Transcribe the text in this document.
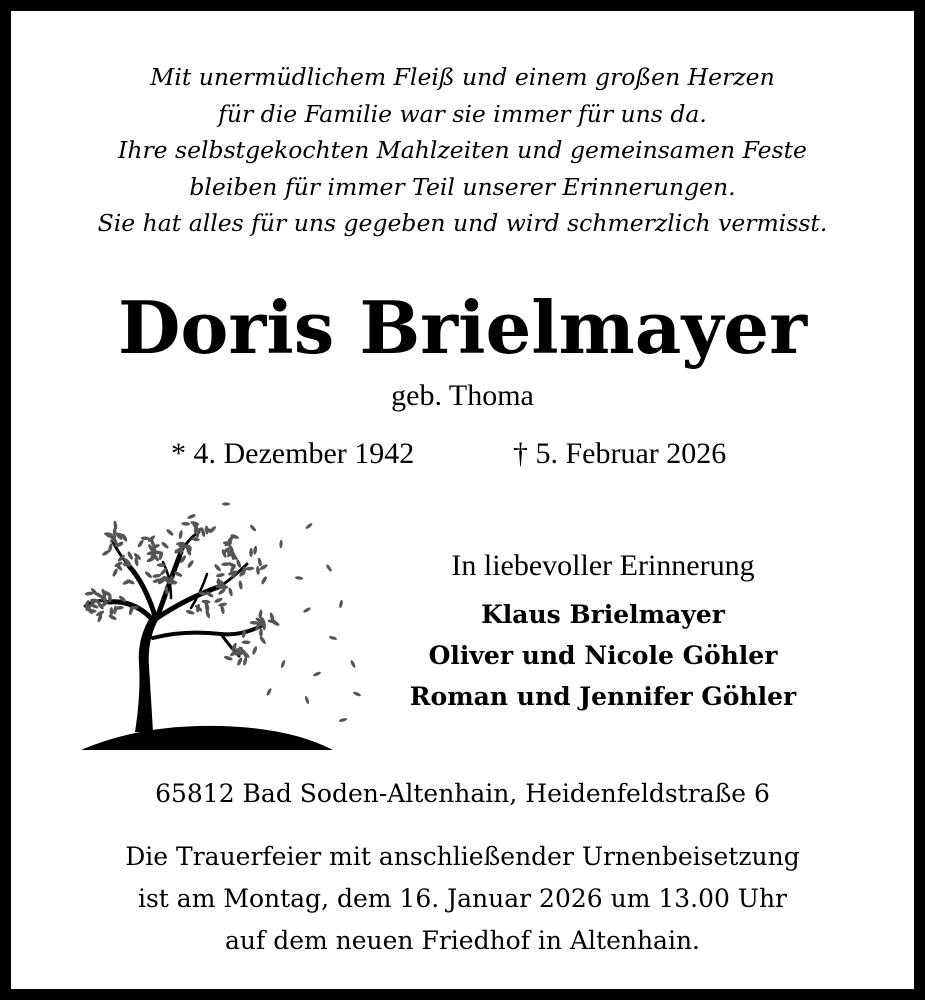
Mit unermüdlichem Fleiß und einem großen Herzen
für die Familie war sie immer für uns da.
Ihre selbstgekochten Mahlzeiten und gemeinsamen Feste
bleiben für immer Teil unserer Erinnerungen.
Sie hat alles für uns gegeben und wird schmerzlich vermisst.
Doris Brielmayer
geb. Thoma
* 4. Dezember 1942	† 5. Februar 2026
In liebevoller Erinnerung
Klaus Brielmayer
Oliver und Nicole Göhler
Roman und Jennifer Göhler
65812 Bad Soden-Altenhain, Heidenfeldstraße 6
Die Trauerfeier mit anschließender Urnenbeisetzung
ist am Montag, dem 16. Januar 2026 um 13.00 Uhr
auf dem neuen Friedhof in Altenhain.
